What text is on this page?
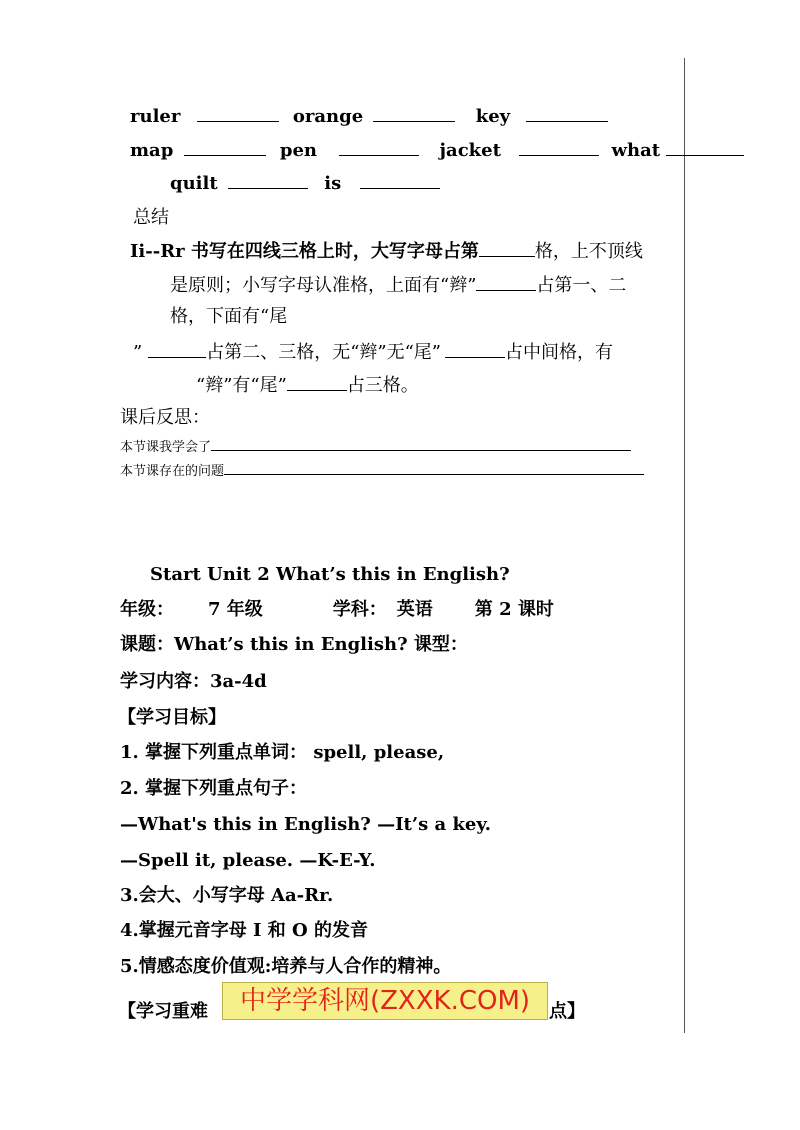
ruler	orange	key
map	pen	jacket	what
quilt	is
总结
Ii--Rr 书写在四线三格上时，大写字母占第	格，上不顶线
是原则；小写字母认准格，上面有“辫”	占第一、二
格，下面有“尾
”	占第二、三格，无“辫”无“尾”	占中间格，有
“辫”有“尾”	占三格。
课后反思：
本节课我学会了
本节课存在的问题
Start Unit 2 What’s this in English?
年级： 7 年级	学科： 英语 第 2 课时
课题：What’s this in English? 课型：
学习内容：3a-4d
【学习目标】
1. 掌握下列重点单词： spell, please,
2. 掌握下列重点句子：
—What's this in English? —It’s a key.
—Spell it, please. —K-E-Y.
3.会大、小写字母 Aa-Rr.
4.掌握元音字母 I 和 O 的发音
5.情感态度价值观:培养与人合作的精神。
【学习重难	点】
中学学科网(ZXXK.COM)
